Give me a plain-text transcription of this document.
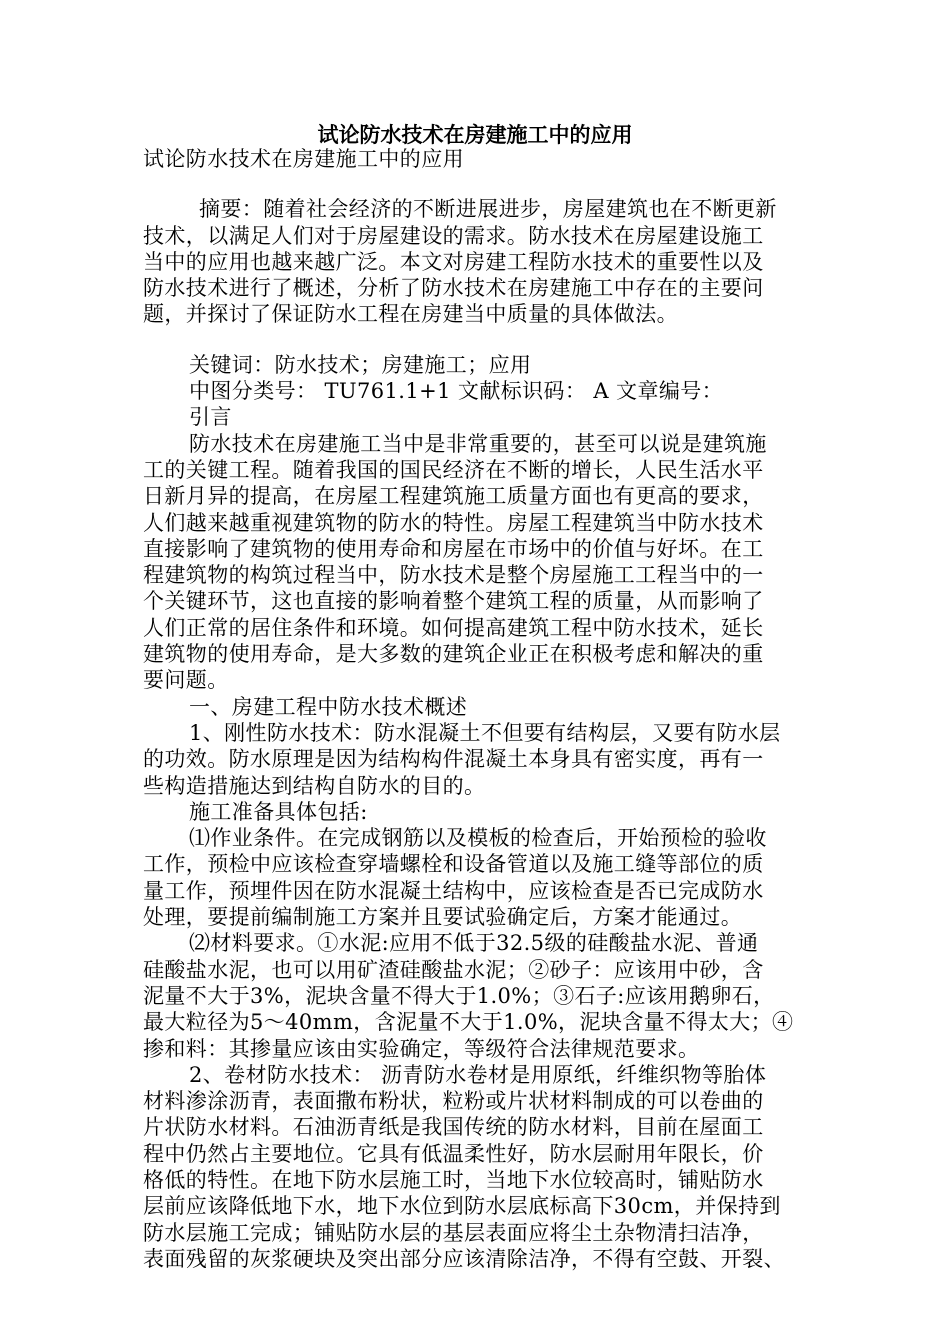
试论防水技术在房建施工中的应用
试论防水技术在房建施工中的应用
摘要：随着社会经济的不断进展进步，房屋建筑也在不断更新
技术，以满足人们对于房屋建设的需求。防水技术在房屋建设施工
当中的应用也越来越广泛。本文对房建工程防水技术的重要性以及
防水技术进行了概述，分析了防水技术在房建施工中存在的主要问
题，并探讨了保证防水工程在房建当中质量的具体做法。
关键词：防水技术；房建施工；应用
中图分类号： TU761.1+1 文献标识码： A 文章编号：
引言
防水技术在房建施工当中是非常重要的，甚至可以说是建筑施
工的关键工程。随着我国的国民经济在不断的增长，人民生活水平
日新月异的提高，在房屋工程建筑施工质量方面也有更高的要求，
人们越来越重视建筑物的防水的特性。房屋工程建筑当中防水技术
直接影响了建筑物的使用寿命和房屋在市场中的价值与好坏。在工
程建筑物的构筑过程当中，防水技术是整个房屋施工工程当中的一
个关键环节，这也直接的影响着整个建筑工程的质量，从而影响了
人们正常的居住条件和环境。如何提高建筑工程中防水技术，延长
建筑物的使用寿命，是大多数的建筑企业正在积极考虑和解决的重
要问题。
一、房建工程中防水技术概述
1、刚性防水技术：防水混凝土不但要有结构层，又要有防水层
的功效。防水原理是因为结构构件混凝土本身具有密实度，再有一
些构造措施达到结构自防水的目的。
施工准备具体包括:
⑴作业条件。在完成钢筋以及模板的检查后，开始预检的验收
工作，预检中应该检查穿墙螺栓和设备管道以及施工缝等部位的质
量工作，预埋件因在防水混凝土结构中，应该检查是否已完成防水
处理，要提前编制施工方案并且要试验确定后，方案才能通过。
⑵材料要求。①水泥:应用不低于32.5级的硅酸盐水泥、普通
硅酸盐水泥，也可以用矿渣硅酸盐水泥；②砂子：应该用中砂，含
泥量不大于3%，泥块含量不得大于1.0%；③石子:应该用鹅卵石，
最大粒径为5～40mm，含泥量不大于1.0%，泥块含量不得太大；④
掺和料：其掺量应该由实验确定，等级符合法律规范要求。
2、卷材防水技术： 沥青防水卷材是用原纸，纤维织物等胎体
材料渗涂沥青，表面撒布粉状，粒粉或片状材料制成的可以卷曲的
片状防水材料。石油沥青纸是我国传统的防水材料，目前在屋面工
程中仍然占主要地位。它具有低温柔性好，防水层耐用年限长，价
格低的特性。在地下防水层施工时，当地下水位较高时，铺贴防水
层前应该降低地下水，地下水位到防水层底标高下30cm，并保持到
防水层施工完成；铺贴防水层的基层表面应将尘土杂物清扫洁净，
表面残留的灰浆硬块及突出部分应该清除洁净，不得有空鼓、开裂、
